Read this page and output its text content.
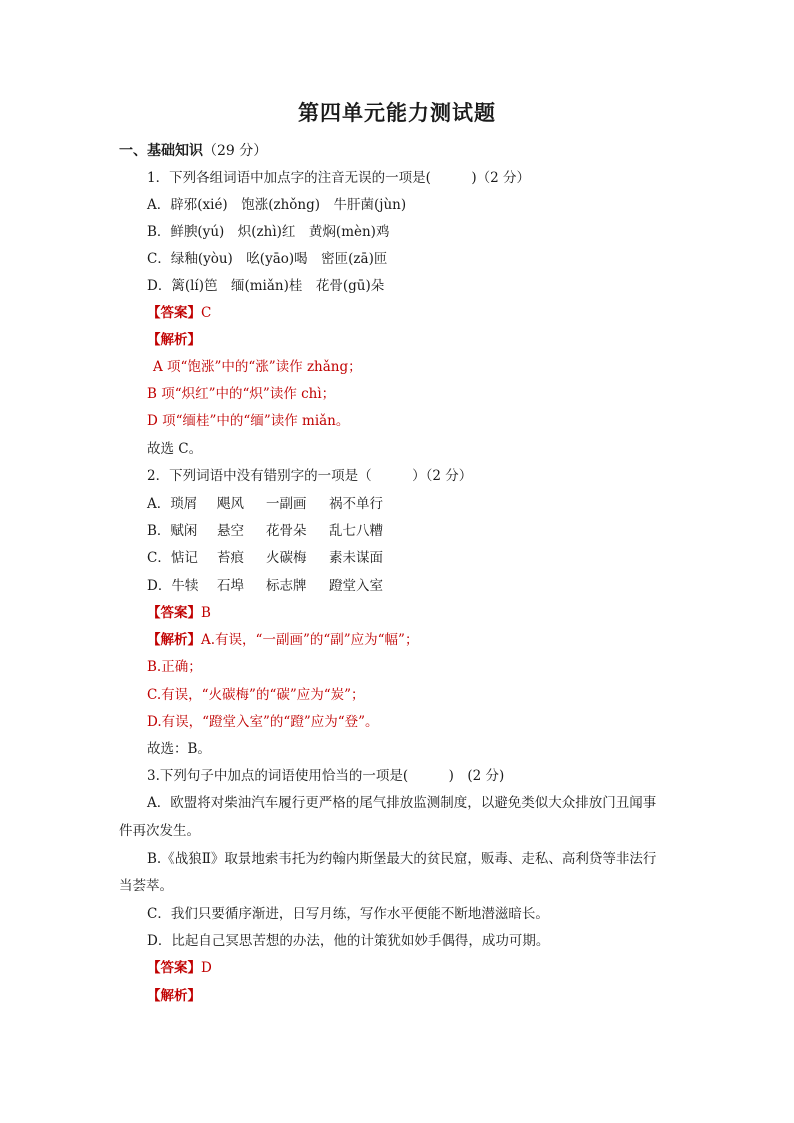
第四单元能力测试题
一、基础知识（29 分）
1．下列各组词语中加点字的注音无误的一项是(　　　)（2 分）
A．辟邪(xié)　饱涨(zhǒng)　牛肝菌(jùn)
B．鲜腴(yú)　炽(zhì)红　黄焖(mèn)鸡
C．绿釉(yòu)　吆(yāo)喝　密匝(zā)匝
D．篱(lí)笆　缅(miǎn)桂　花骨(gū)朵
【答案】C
【解析】
A 项“饱涨”中的“涨”读作 zhǎng；
B 项“炽红”中的“炽”读作 chì；
D 项“缅桂”中的“缅”读作 miǎn。
故选 C。
2．下列词语中没有错别字的一项是（　　　）（2 分）
A．琐屑 飓风 一副画 祸不单行
B．赋闲 悬空 花骨朵 乱七八糟
C．惦记 苔痕 火碳梅 素未谋面
D．牛犊 石埠 标志牌 蹬堂入室
【答案】B
【解析】A.有误，“一副画”的“副”应为“幅”；
B.正确；
C.有误，“火碳梅”的“碳”应为“炭”；
D.有误，“蹬堂入室”的“蹬”应为“登”。
故选：B。
3.下列句子中加点的词语使用恰当的一项是(　　　)　(2 分)
A．欧盟将对柴油汽车履行更严格的尾气排放监测制度，以避免类似大众排放门丑闻事
件再次发生。
B.《战狼Ⅱ》取景地索韦托为约翰内斯堡最大的贫民窟，贩毒、走私、高利贷等非法行
当荟萃。
C．我们只要循序渐进，日写月练，写作水平便能不断地潜滋暗长。
D．比起自己冥思苦想的办法，他的计策犹如妙手偶得，成功可期。
【答案】D
【解析】
